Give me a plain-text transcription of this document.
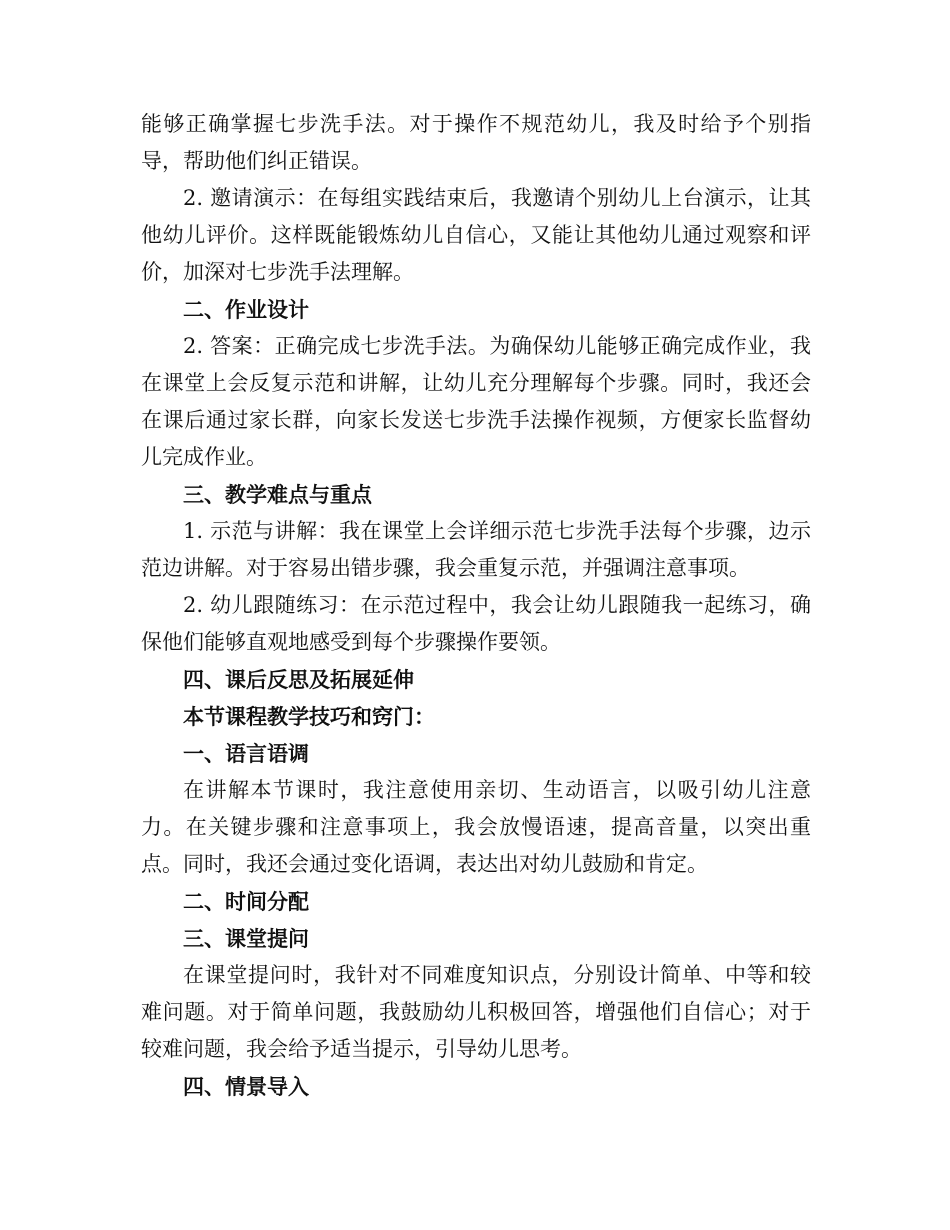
能够正确掌握七步洗手法。对于操作不规范幼儿，我及时给予个别指导，帮助他们纠正错误。

2. 邀请演示：在每组实践结束后，我邀请个别幼儿上台演示，让其他幼儿评价。这样既能锻炼幼儿自信心，又能让其他幼儿通过观察和评价，加深对七步洗手法理解。

二、作业设计

2. 答案：正确完成七步洗手法。为确保幼儿能够正确完成作业，我在课堂上会反复示范和讲解，让幼儿充分理解每个步骤。同时，我还会在课后通过家长群，向家长发送七步洗手法操作视频，方便家长监督幼儿完成作业。

三、教学难点与重点

1. 示范与讲解：我在课堂上会详细示范七步洗手法每个步骤，边示范边讲解。对于容易出错步骤，我会重复示范，并强调注意事项。

2. 幼儿跟随练习：在示范过程中，我会让幼儿跟随我一起练习，确保他们能够直观地感受到每个步骤操作要领。

四、课后反思及拓展延伸

本节课程教学技巧和窍门：

一、语言语调

在讲解本节课时，我注意使用亲切、生动语言，以吸引幼儿注意力。在关键步骤和注意事项上，我会放慢语速，提高音量，以突出重点。同时，我还会通过变化语调，表达出对幼儿鼓励和肯定。

二、时间分配

三、课堂提问

在课堂提问时，我针对不同难度知识点，分别设计简单、中等和较难问题。对于简单问题，我鼓励幼儿积极回答，增强他们自信心；对于较难问题，我会给予适当提示，引导幼儿思考。

四、情景导入
